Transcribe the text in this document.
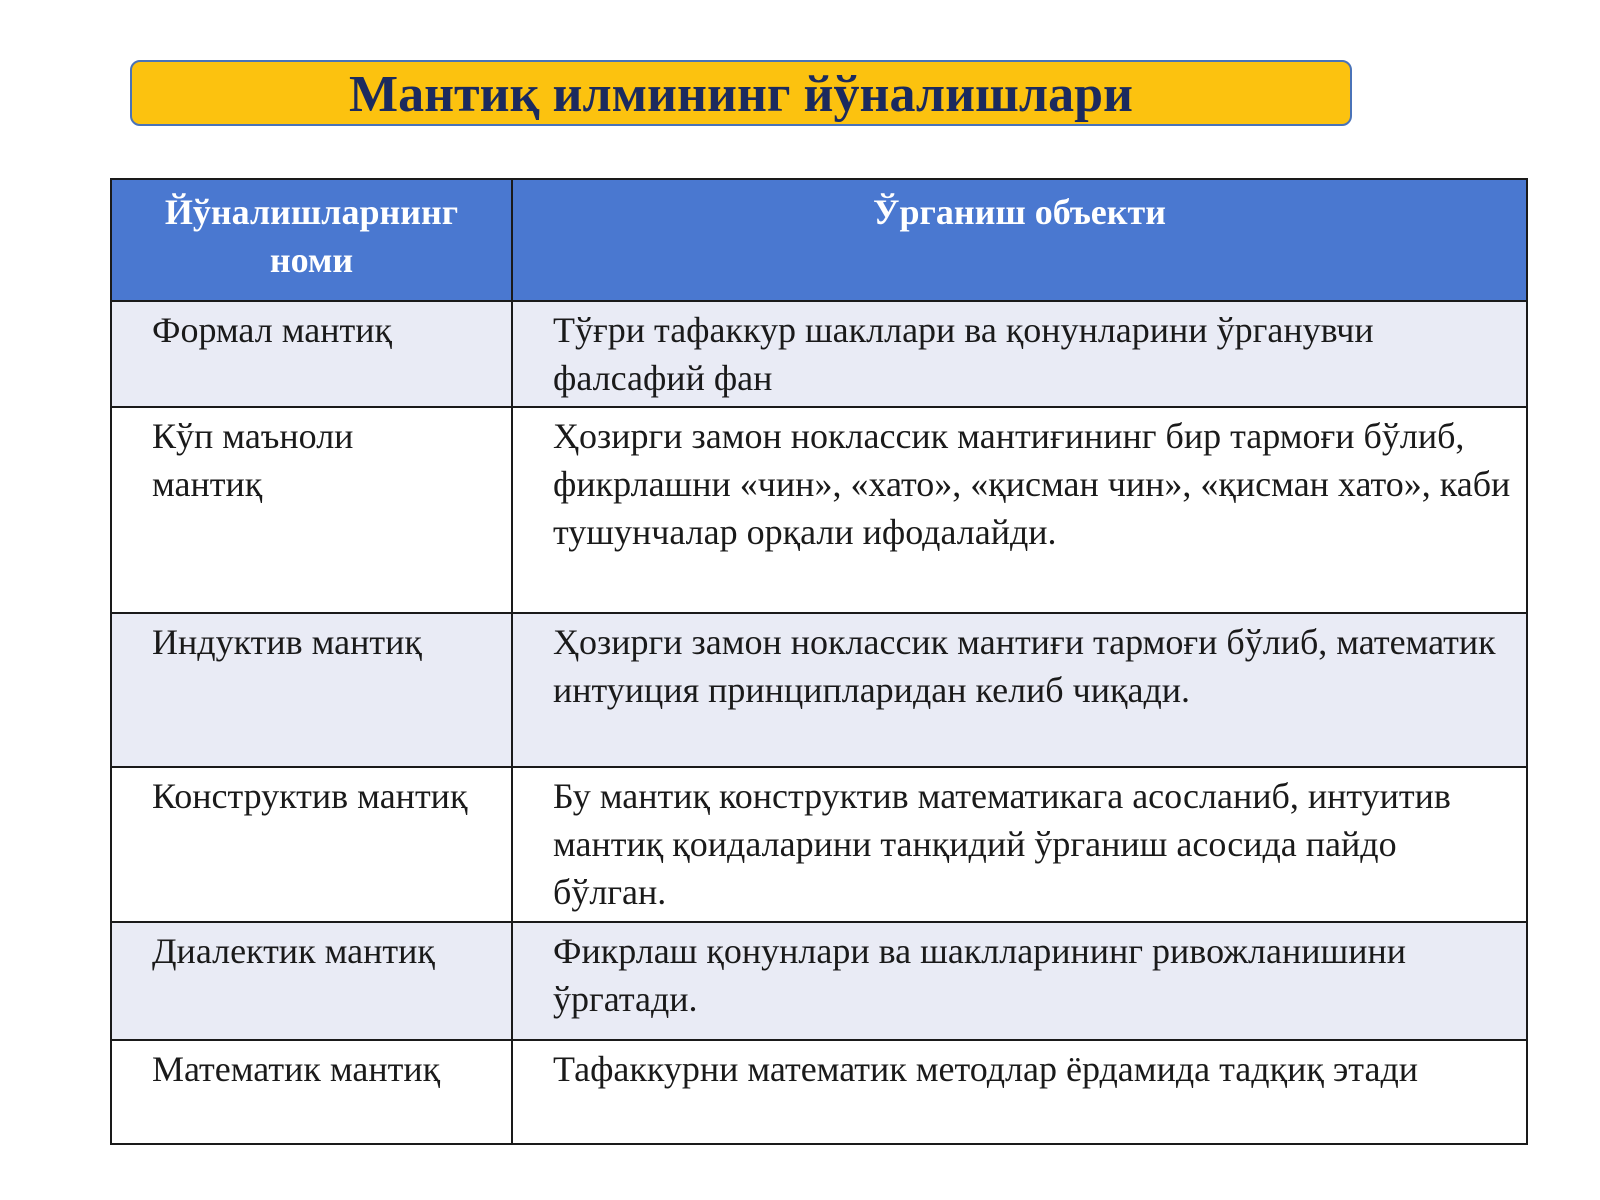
Мантиқ илмининг йўналишлари
Йўналишларнинг номи	Ўрганиш объекти
Формал мантиқ	Тўғри тафаккур шакллари ва қонунларини ўрганувчи фалсафий фан
Кўп маъноли мантиқ	Ҳозирги замон ноклассик мантиғининг бир тармоғи бўлиб, фикрлашни «чин», «хато», «қисман чин», «қисман хато», каби тушунчалар орқали ифодалайди.
Индуктив мантиқ	Ҳозирги замон ноклассик мантиғи тармоғи бўлиб, математик интуиция принципларидан келиб чиқади.
Конструктив мантиқ	Бу мантиқ конструктив математикага асосланиб, интуитив мантиқ қоидаларини танқидий ўрганиш асосида пайдо бўлган.
Диалектик мантиқ	Фикрлаш қонунлари ва шаклларининг ривожланишини ўргатади.
Математик мантиқ	Тафаккурни математик методлар ёрдамида тадқиқ этади
